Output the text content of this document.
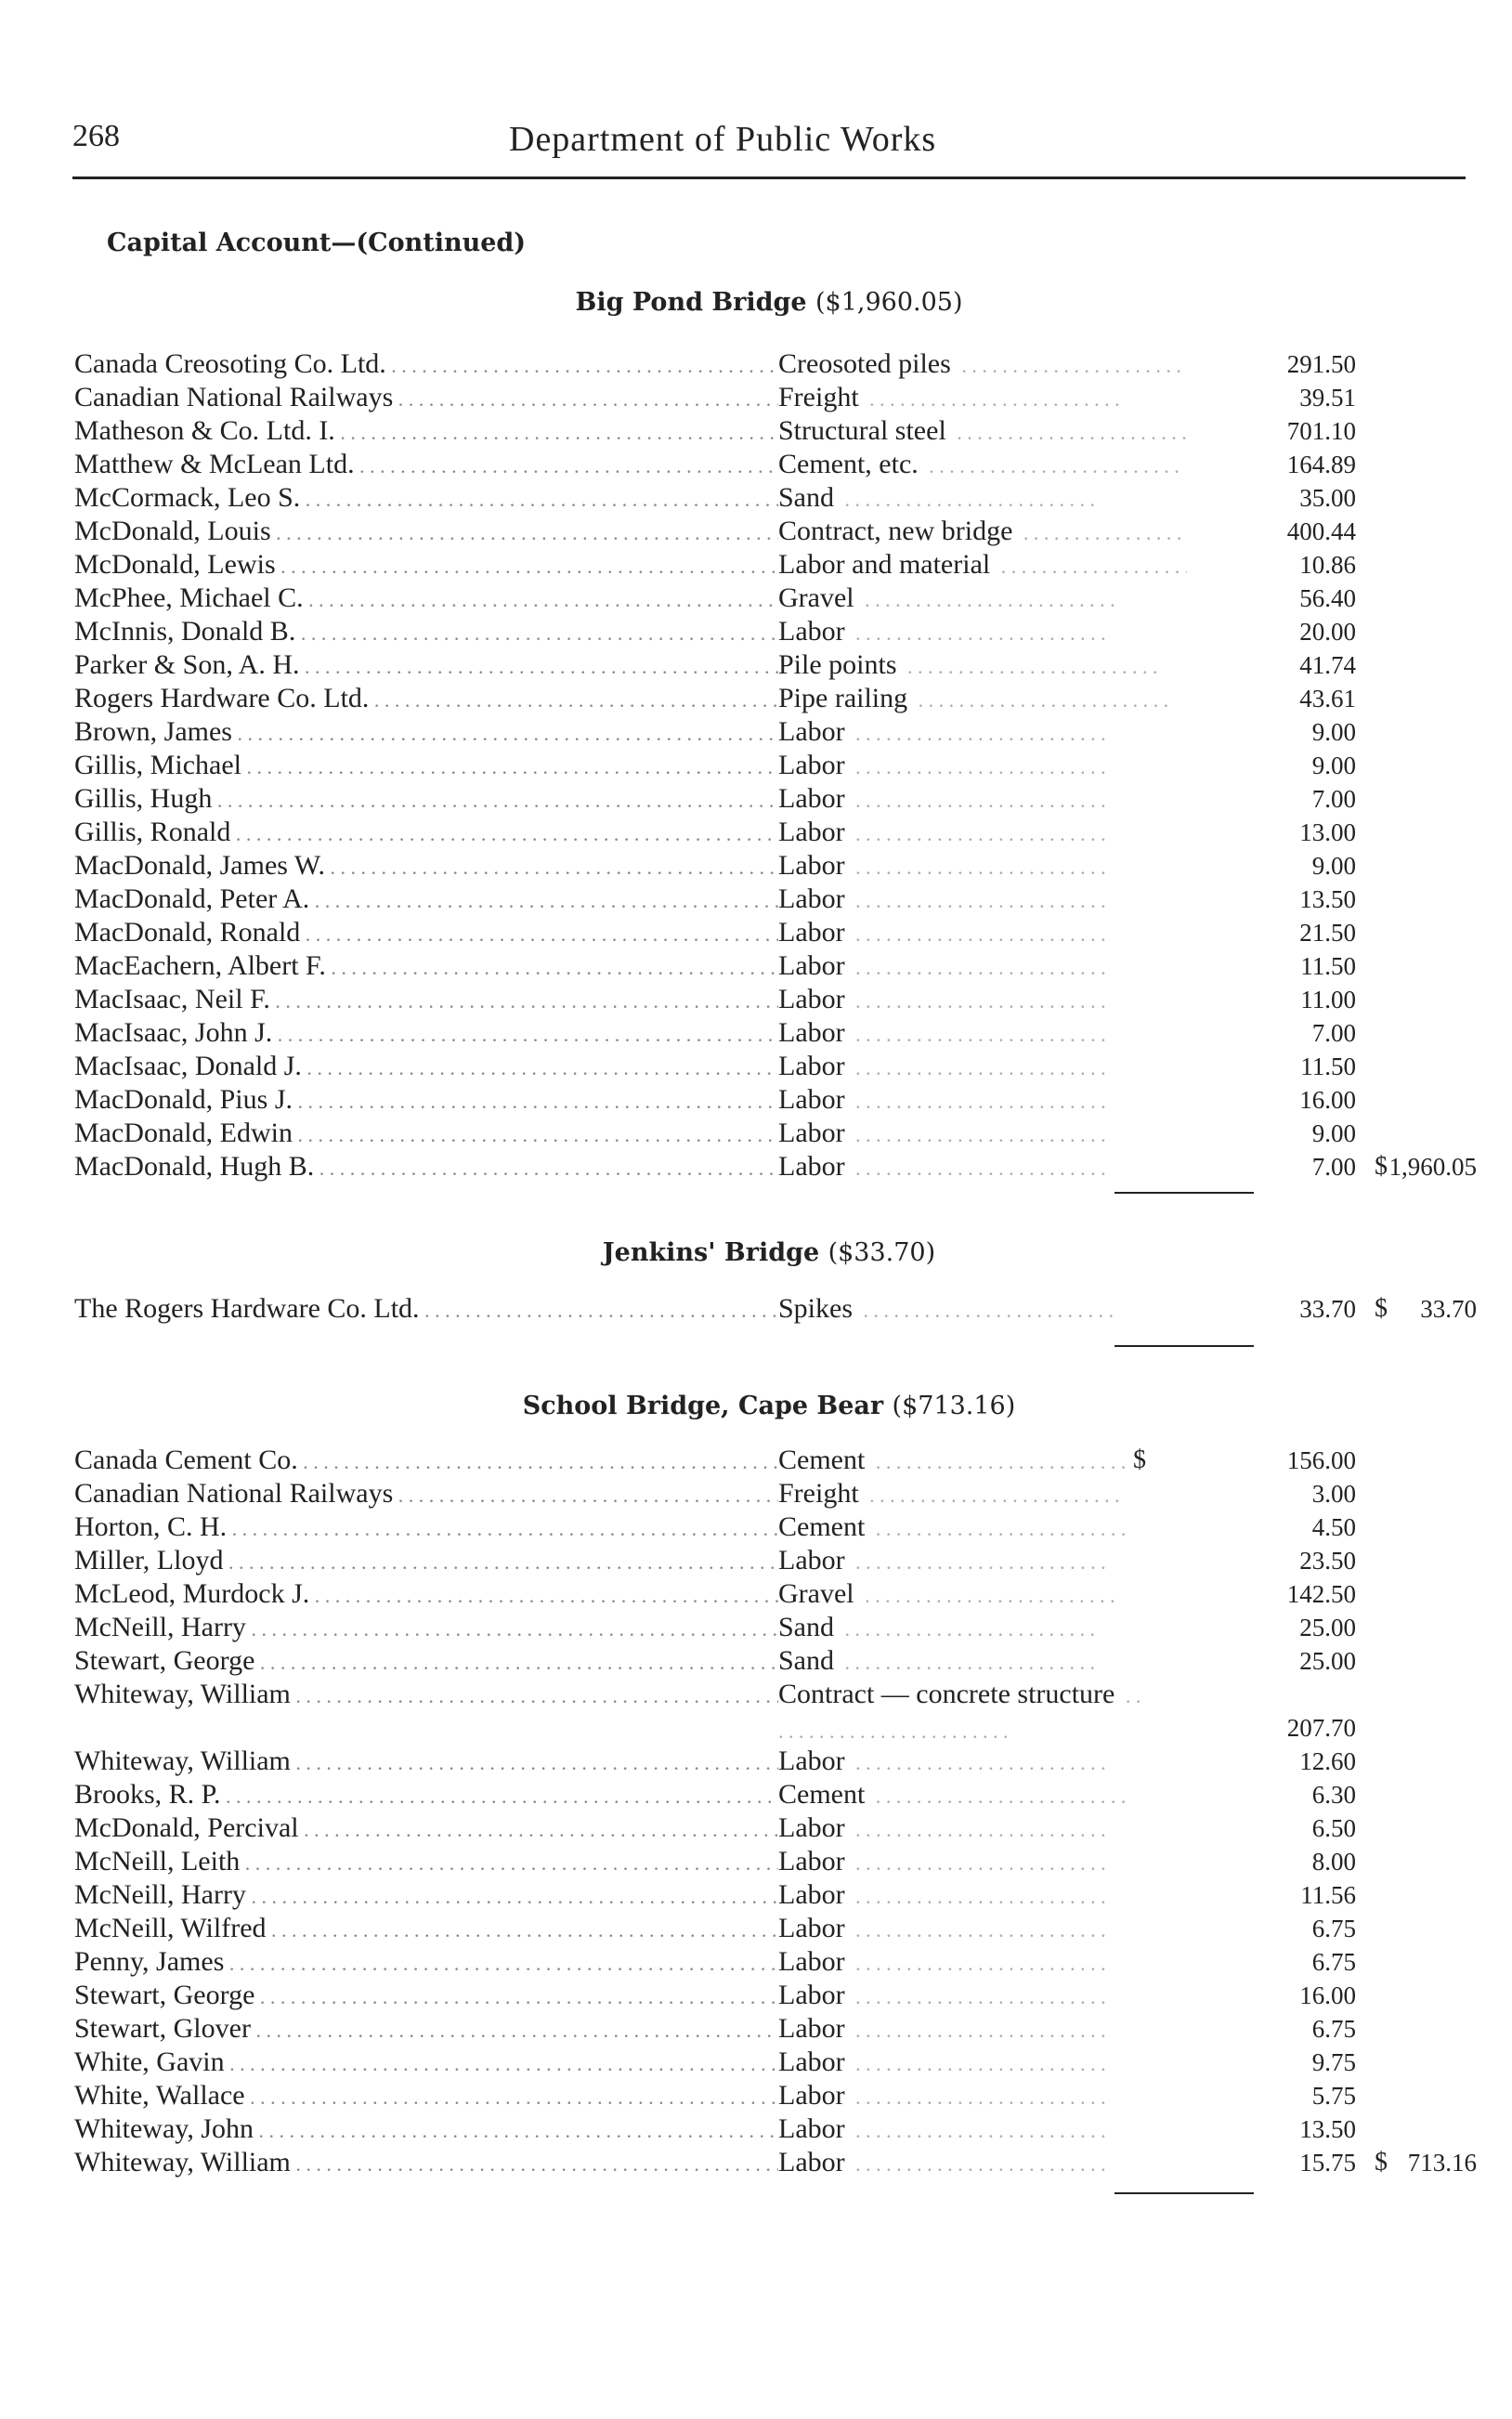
268	Department of Public Works
Capital Account—(Continued)
Big Pond Bridge ($1,960.05)
Canada Creosoting Co. Ltd. . . .	Creosoted piles . . .	291.50
Canadian National Railways . . .	Freight . . .	39.51
Matheson & Co. Ltd. I. . . .	Structural steel . . .	701.10
Matthew & McLean Ltd. . . .	Cement, etc. . . .	164.89
McCormack, Leo S. . . .	Sand . . .	35.00
McDonald, Louis . . .	Contract, new bridge . . .	400.44
McDonald, Lewis . . .	Labor and material . . .	10.86
McPhee, Michael C. . . .	Gravel . . .	56.40
McInnis, Donald B. . . .	Labor . . .	20.00
Parker & Son, A. H. . . .	Pile points . . .	41.74
Rogers Hardware Co. Ltd. . . .	Pipe railing . . .	43.61
Brown, James . . .	Labor . . .	9.00
Gillis, Michael . . .	Labor . . .	9.00
Gillis, Hugh . . .	Labor . . .	7.00
Gillis, Ronald . . .	Labor . . .	13.00
MacDonald, James W. . . .	Labor . . .	9.00
MacDonald, Peter A. . . .	Labor . . .	13.50
MacDonald, Ronald . . .	Labor . . .	21.50
MacEachern, Albert F. . . .	Labor . . .	11.50
MacIsaac, Neil F. . . .	Labor . . .	11.00
MacIsaac, John J. . . .	Labor . . .	7.00
MacIsaac, Donald J. . . .	Labor . . .	11.50
MacDonald, Pius J. . . .	Labor . . .	16.00
MacDonald, Edwin . . .	Labor . . .	9.00
MacDonald, Hugh B. . . .	Labor . . .	7.00 $ 1,960.05
Jenkins' Bridge ($33.70)
The Rogers Hardware Co. Ltd. . . .	Spikes . . .	33.70 $	33.70
School Bridge, Cape Bear ($713.16)
Canada Cement Co. . . .	Cement . . .	$	156.00
Canadian National Railways . . .	Freight . . .	3.00
Horton, C. H. . . .	Cement . . .	4.50
Miller, Lloyd . . .	Labor . . .	23.50
McLeod, Murdock J. . . .	Gravel . . .	142.50
McNeill, Harry . . .	Sand . . .	25.00
Stewart, George . . .	Sand . . .	25.00
Whiteway, William . . .	Contract — concrete structure . . .
207.70
Whiteway, William . . .	Labor . . .	12.60
Brooks, R. P. . . .	Cement . . .	6.30
McDonald, Percival . . .	Labor . . .	6.50
McNeill, Leith . . .	Labor . . .	8.00
McNeill, Harry . . .	Labor . . .	11.56
McNeill, Wilfred . . .	Labor . . .	6.75
Penny, James . . .	Labor . . .	6.75
Stewart, George . . .	Labor . . .	16.00
Stewart, Glover . . .	Labor . . .	6.75
White, Gavin . . .	Labor . . .	9.75
White, Wallace . . .	Labor . . .	5.75
Whiteway, John . . .	Labor . . .	13.50
Whiteway, William . . .	Labor . . .	15.75 $ 713.16
